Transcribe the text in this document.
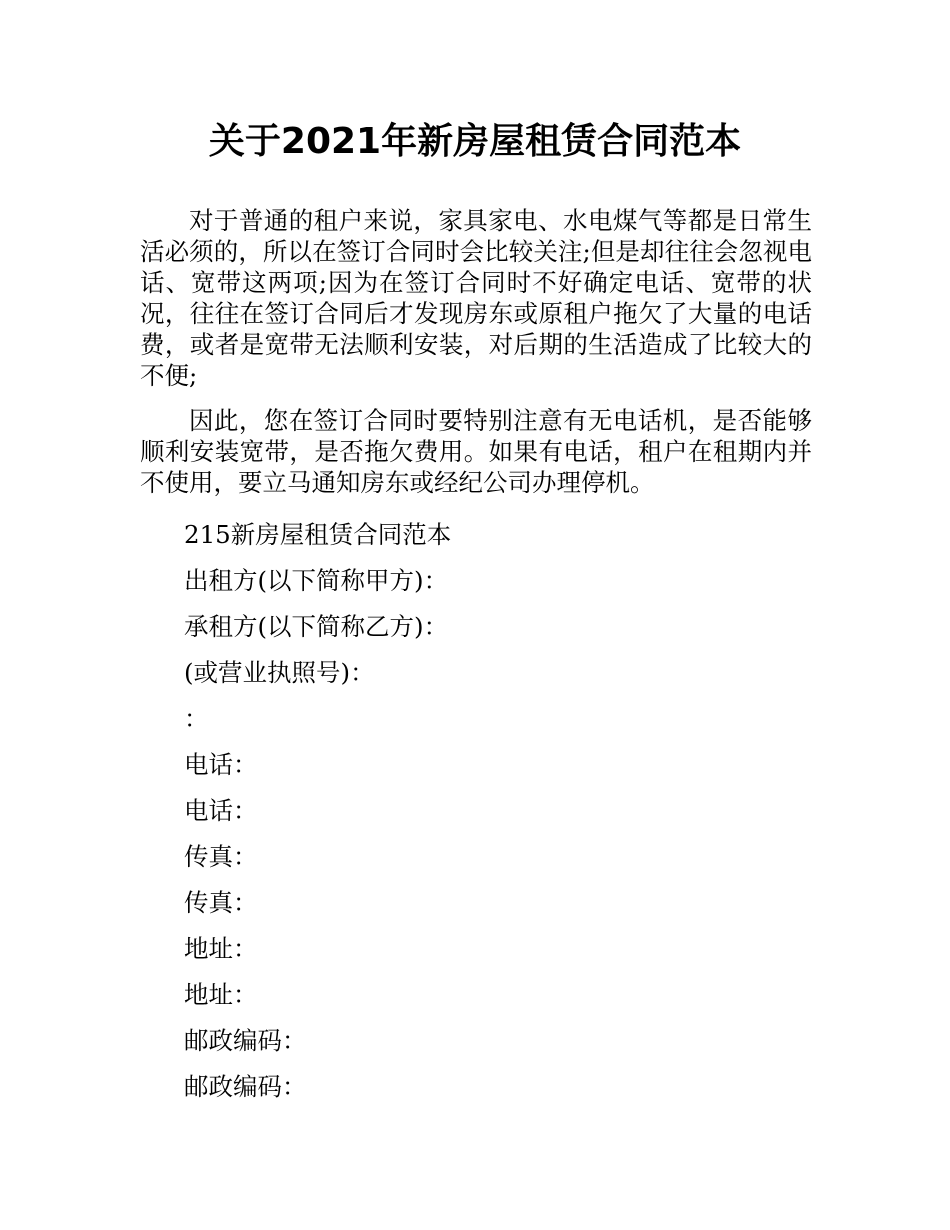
关于2021年新房屋租赁合同范本

对于普通的租户来说，家具家电、水电煤气等都是日常生活必须的，所以在签订合同时会比较关注;但是却往往会忽视电话、宽带这两项;因为在签订合同时不好确定电话、宽带的状况，往往在签订合同后才发现房东或原租户拖欠了大量的电话费，或者是宽带无法顺利安装，对后期的生活造成了比较大的不便;

因此，您在签订合同时要特别注意有无电话机，是否能够顺利安装宽带，是否拖欠费用。如果有电话，租户在租期内并不使用，要立马通知房东或经纪公司办理停机。

215新房屋租赁合同范本

出租方(以下简称甲方)：

承租方(以下简称乙方)：

(或营业执照号)：

：

电话：

电话：

传真：

传真：

地址：

地址：

邮政编码：

邮政编码：
